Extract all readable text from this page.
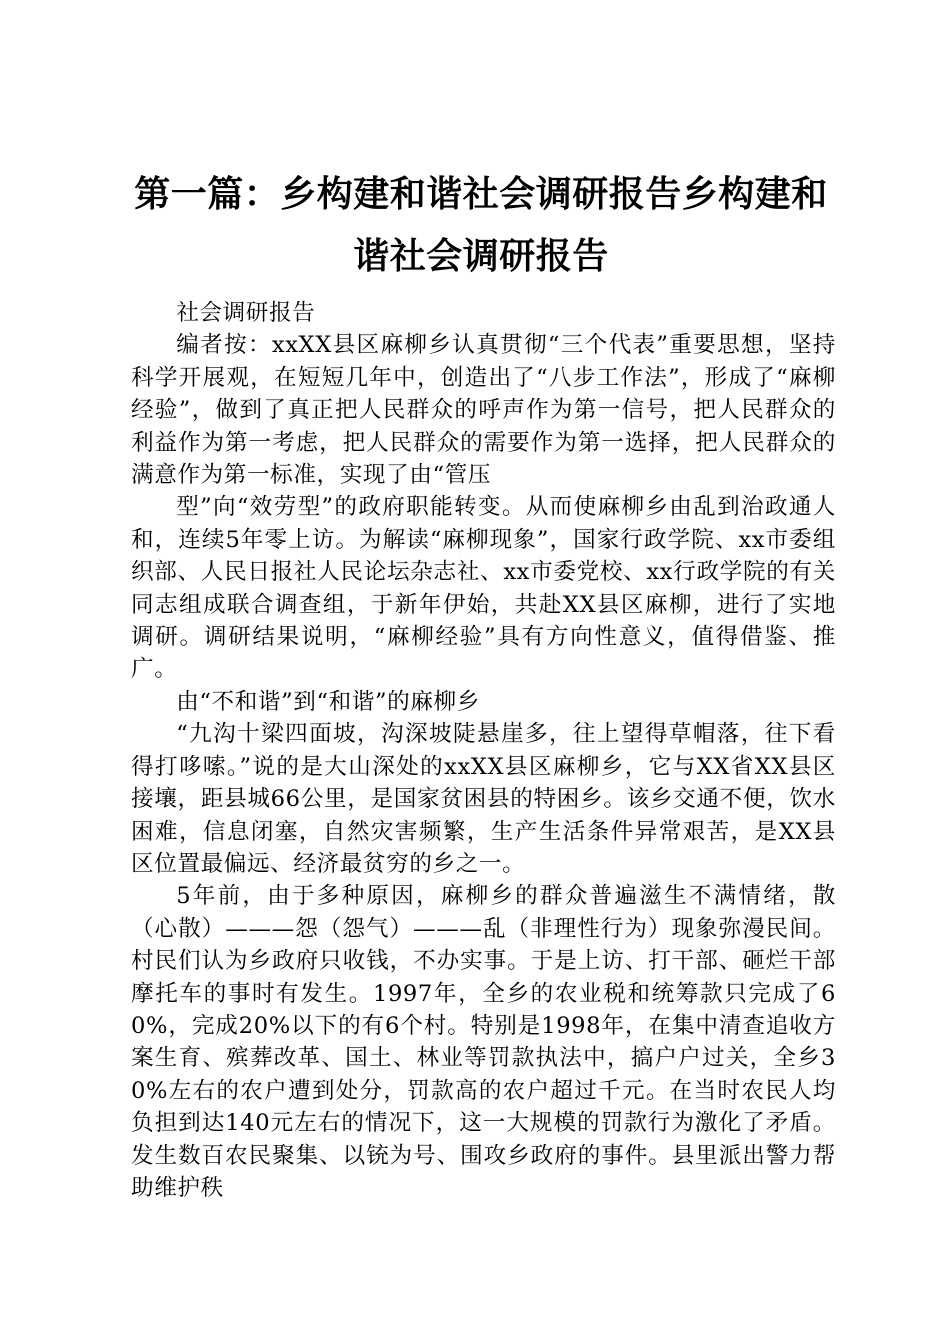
第一篇：乡构建和谐社会调研报告乡构建和谐社会调研报告

社会调研报告

编者按：xxXX县区麻柳乡认真贯彻“三个代表”重要思想，坚持科学开展观，在短短几年中，创造出了“八步工作法”，形成了“麻柳经验”，做到了真正把人民群众的呼声作为第一信号，把人民群众的利益作为第一考虑，把人民群众的需要作为第一选择，把人民群众的满意作为第一标准，实现了由“管压

型”向“效劳型”的政府职能转变。从而使麻柳乡由乱到治政通人和，连续5年零上访。为解读“麻柳现象”，国家行政学院、xx市委组织部、人民日报社人民论坛杂志社、xx市委党校、xx行政学院的有关同志组成联合调查组，于新年伊始，共赴XX县区麻柳，进行了实地调研。调研结果说明，“麻柳经验”具有方向性意义，值得借鉴、推广。

由“不和谐”到“和谐”的麻柳乡

“九沟十梁四面坡，沟深坡陡悬崖多，往上望得草帽落，往下看得打哆嗦。”说的是大山深处的xxXX县区麻柳乡，它与XX省XX县区接壤，距县城66公里，是国家贫困县的特困乡。该乡交通不便，饮水困难，信息闭塞，自然灾害频繁，生产生活条件异常艰苦，是XX县区位置最偏远、经济最贫穷的乡之一。

5年前，由于多种原因，麻柳乡的群众普遍滋生不满情绪，散（心散）———怨（怨气）———乱（非理性行为）现象弥漫民间。村民们认为乡政府只收钱，不办实事。于是上访、打干部、砸烂干部摩托车的事时有发生。1997年，全乡的农业税和统筹款只完成了60%，完成20%以下的有6个村。特别是1998年，在集中清查追收方案生育、殡葬改革、国土、林业等罚款执法中，搞户户过关，全乡30%左右的农户遭到处分，罚款高的农户超过千元。在当时农民人均负担到达140元左右的情况下，这一大规模的罚款行为激化了矛盾。发生数百农民聚集、以铳为号、围攻乡政府的事件。县里派出警力帮助维护秩
